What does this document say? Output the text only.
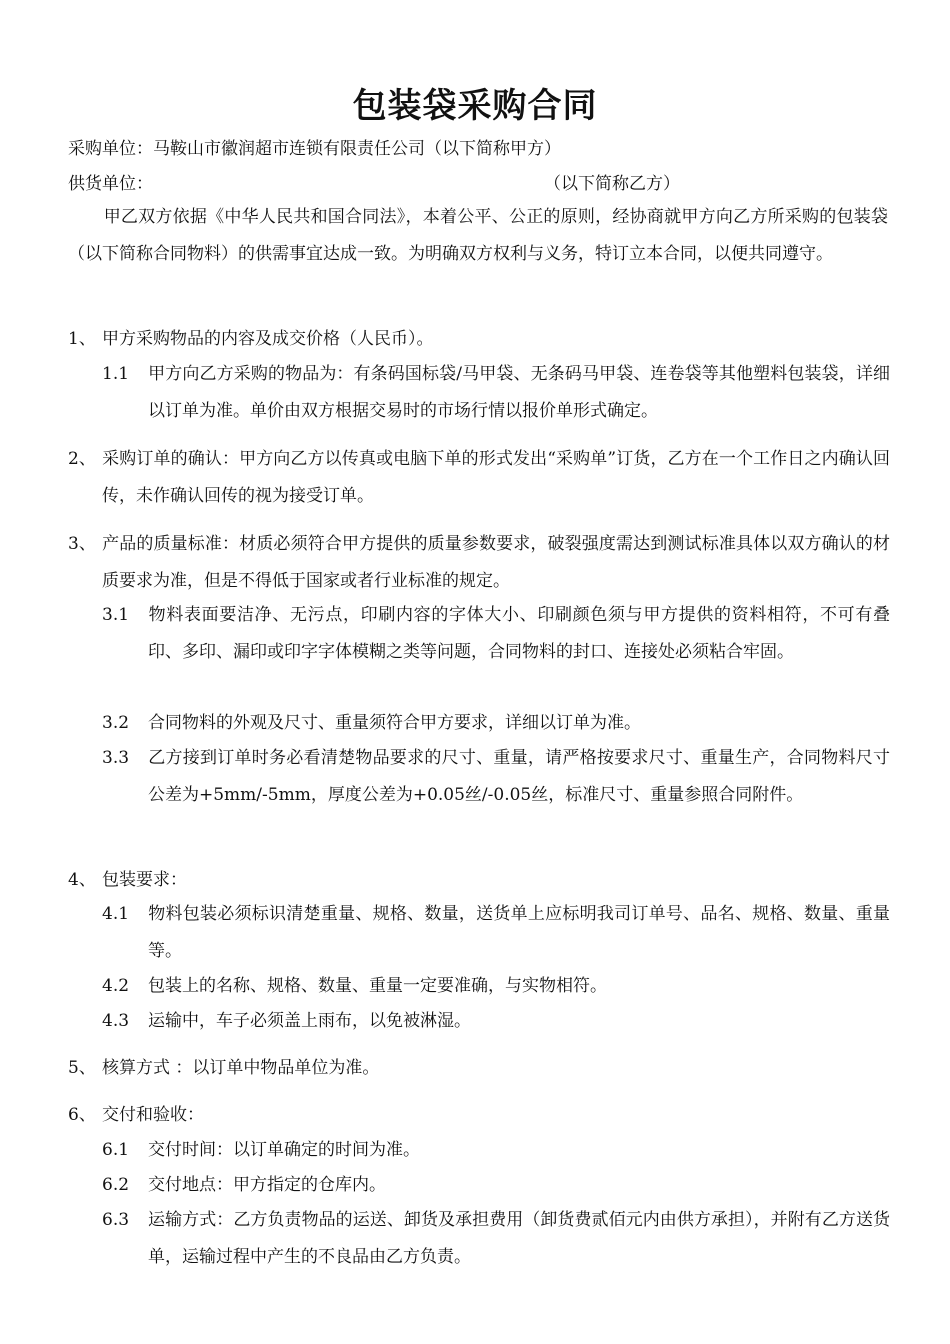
包装袋采购合同
采购单位：马鞍山市徽润超市连锁有限责任公司（以下简称甲方）
供货单位：	（以下简称乙方）
甲乙双方依据《中华人民共和国合同法》，本着公平、公正的原则，经协商就甲方向乙方所采购的包装袋（以下简称合同物料）的供需事宜达成一致。为明确双方权利与义务，特订立本合同，以便共同遵守。
1、 甲方采购物品的内容及成交价格（人民币）。
1.1 甲方向乙方采购的物品为：有条码国标袋/马甲袋、无条码马甲袋、连卷袋等其他塑料包装袋，详细以订单为准。单价由双方根据交易时的市场行情以报价单形式确定。
2、 采购订单的确认：甲方向乙方以传真或电脑下单的形式发出“采购单”订货，乙方在一个工作日之内确认回传，未作确认回传的视为接受订单。
3、 产品的质量标准：材质必须符合甲方提供的质量参数要求，破裂强度需达到测试标准具体以双方确认的材质要求为准，但是不得低于国家或者行业标准的规定。
3.1 物料表面要洁净、无污点，印刷内容的字体大小、印刷颜色须与甲方提供的资料相符，不可有叠印、多印、漏印或印字字体模糊之类等问题，合同物料的封口、连接处必须粘合牢固。
3.2 合同物料的外观及尺寸、重量须符合甲方要求，详细以订单为准。
3.3 乙方接到订单时务必看清楚物品要求的尺寸、重量，请严格按要求尺寸、重量生产，合同物料尺寸公差为+5mm/-5mm，厚度公差为+0.05丝/-0.05丝，标准尺寸、重量参照合同附件。
4、 包装要求：
4.1 物料包装必须标识清楚重量、规格、数量，送货单上应标明我司订单号、品名、规格、数量、重量等。
4.2 包装上的名称、规格、数量、重量一定要准确，与实物相符。
4.3 运输中，车子必须盖上雨布，以免被淋湿。
5、 核算方式 ：以订单中物品单位为准。
6、 交付和验收：
6.1 交付时间：以订单确定的时间为准。
6.2 交付地点：甲方指定的仓库内。
6.3 运输方式：乙方负责物品的运送、卸货及承担费用（卸货费贰佰元内由供方承担），并附有乙方送货单，运输过程中产生的不良品由乙方负责。
